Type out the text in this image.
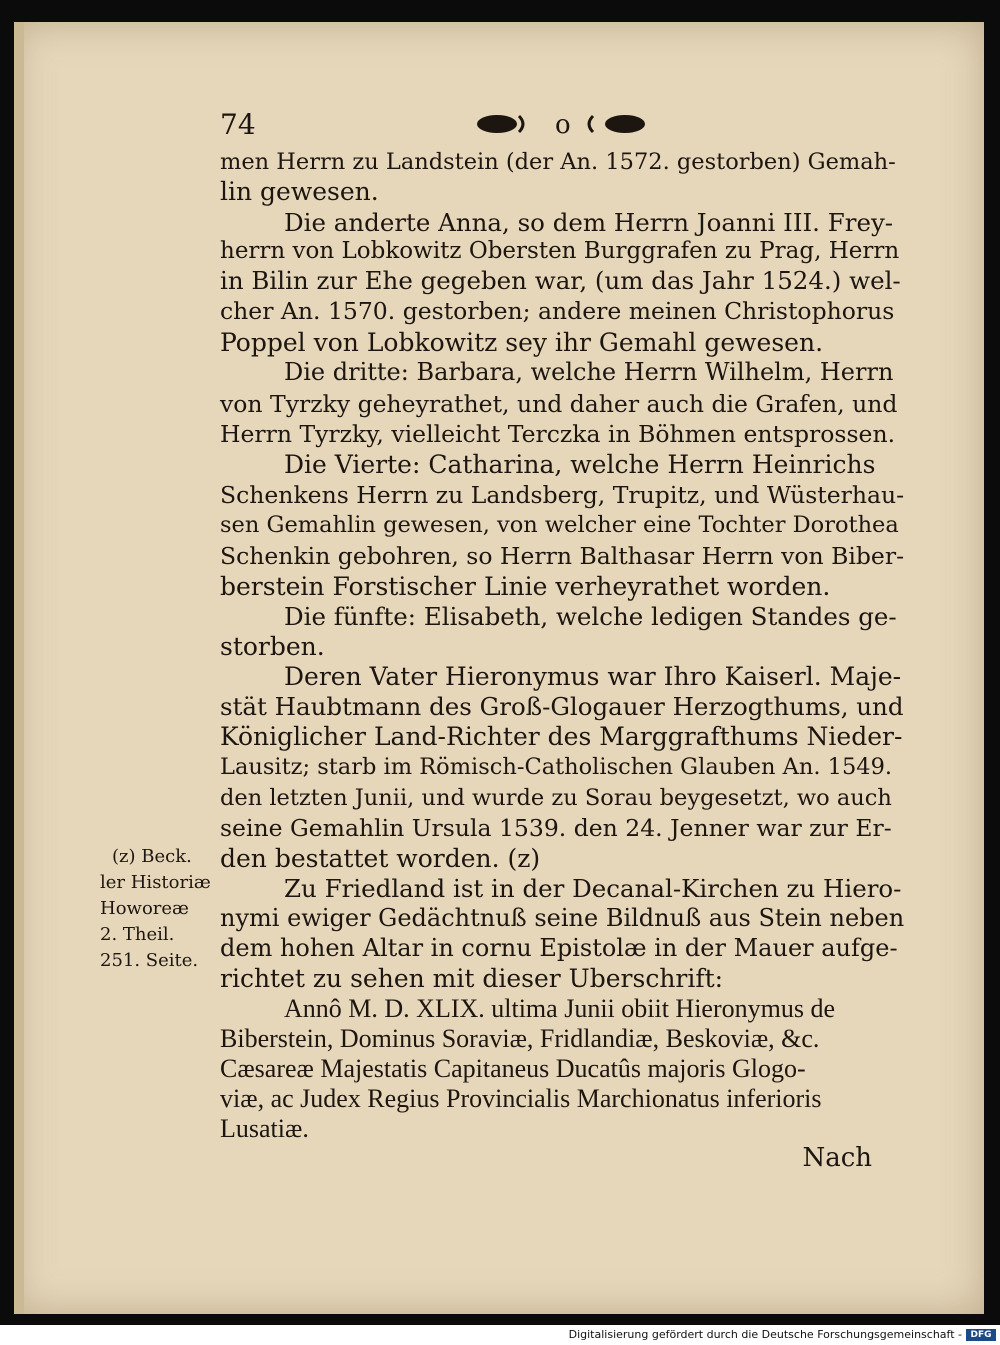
74	o
men Herrn zu Landstein (der An. 1572. gestorben) Gemah-
lin gewesen.
Die anderte Anna, so dem Herrn Joanni III. Frey-
herrn von Lobkowitz Obersten Burggrafen zu Prag, Herrn
in Bilin zur Ehe gegeben war, (um das Jahr 1524.) wel-
cher An. 1570. gestorben; andere meinen Christophorus
Poppel von Lobkowitz sey ihr Gemahl gewesen.
Die dritte: Barbara, welche Herrn Wilhelm, Herrn
von Tyrzky geheyrathet, und daher auch die Grafen, und
Herrn Tyrzky, vielleicht Terczka in Böhmen entsprossen.
Die Vierte: Catharina, welche Herrn Heinrichs
Schenkens Herrn zu Landsberg, Trupitz, und Wüsterhau-
sen Gemahlin gewesen, von welcher eine Tochter Dorothea
Schenkin gebohren, so Herrn Balthasar Herrn von Biber-
berstein Forstischer Linie verheyrathet worden.
Die fünfte: Elisabeth, welche ledigen Standes ge-
storben.
Deren Vater Hieronymus war Ihro Kaiserl. Maje-
stät Haubtmann des Groß-Glogauer Herzogthums, und
Königlicher Land-Richter des Marggrafthums Nieder-
Lausitz; starb im Römisch-Catholischen Glauben An. 1549.
den letzten Junii, und wurde zu Sorau beygesetzt, wo auch
seine Gemahlin Ursula 1539. den 24. Jenner war zur Er-
den bestattet worden. (z)
Zu Friedland ist in der Decanal-Kirchen zu Hiero-
nymi ewiger Gedächtnuß seine Bildnuß aus Stein neben
dem hohen Altar in cornu Epistolæ in der Mauer aufge-
richtet zu sehen mit dieser Uberschrift:
Annô M. D. XLIX. ultima Junii obiit Hieronymus de
Biberstein, Dominus Soraviæ, Fridlandiæ, Beskoviæ, &c.
Cæsareæ Majestatis Capitaneus Ducatûs majoris Glogo-
viæ, ac Judex Regius Provincialis Marchionatus inferioris
Lusatiæ.
(z) Beck.
ler Historiæ
Howoreæ
2. Theil.
251. Seite.
Nach
Digitalisierung gefördert durch die Deutsche Forschungsgemeinschaft - DFG
